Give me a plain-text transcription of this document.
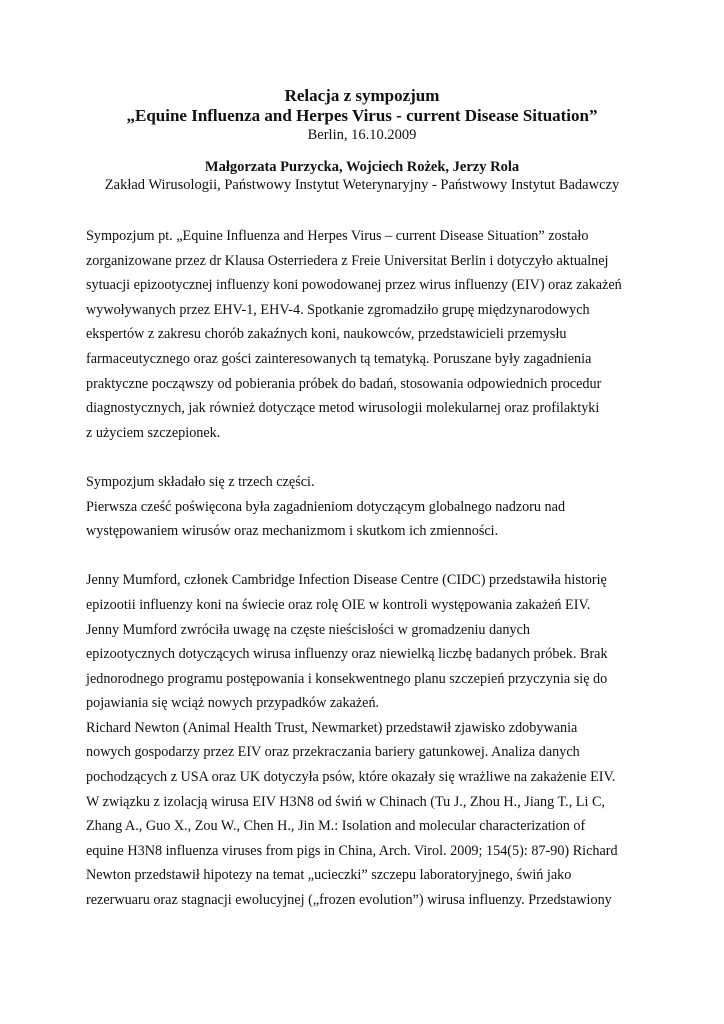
Relacja z sympozjum

„Equine Influenza and Herpes Virus - current Disease Situation”

Berlin, 16.10.2009

Małgorzata Purzycka, Wojciech Rożek, Jerzy Rola

Zakład Wirusologii, Państwowy Instytut Weterynaryjny - Państwowy Instytut Badawczy

Sympozjum pt. „Equine Influenza and Herpes Virus – current Disease Situation” zostało
zorganizowane przez dr Klausa Osterriedera z Freie Universitat Berlin i dotyczyło aktualnej
sytuacji epizootycznej influenzy koni powodowanej przez wirus influenzy (EIV) oraz zakażeń
wywoływanych przez EHV-1, EHV-4. Spotkanie zgromadziło grupę międzynarodowych
ekspertów z zakresu chorób zakaźnych koni, naukowców, przedstawicieli przemysłu
farmaceutycznego oraz gości zainteresowanych tą tematyką. Poruszane były zagadnienia
praktyczne począwszy od pobierania próbek do badań, stosowania odpowiednich procedur
diagnostycznych, jak również dotyczące metod wirusologii molekularnej oraz profilaktyki
z użyciem szczepionek.

Sympozjum składało się z trzech części.
Pierwsza cześć poświęcona była zagadnieniom dotyczącym globalnego nadzoru nad
występowaniem wirusów oraz mechanizmom i skutkom ich zmienności.

Jenny Mumford, członek Cambridge Infection Disease Centre (CIDC) przedstawiła historię
epizootii influenzy koni na świecie oraz rolę OIE w kontroli występowania zakażeń EIV.
Jenny Mumford zwróciła uwagę na częste nieścisłości w gromadzeniu danych
epizootycznych dotyczących wirusa influenzy oraz niewielką liczbę badanych próbek. Brak
jednorodnego programu postępowania i konsekwentnego planu szczepień przyczynia się do
pojawiania się wciąż nowych przypadków zakażeń.
Richard Newton (Animal Health Trust, Newmarket) przedstawił zjawisko zdobywania
nowych gospodarzy przez EIV oraz przekraczania bariery gatunkowej. Analiza danych
pochodzących z USA oraz UK dotyczyła psów, które okazały się wrażliwe na zakażenie EIV.
W związku z izolacją wirusa EIV H3N8 od świń w Chinach (Tu J., Zhou H., Jiang T., Li C,
Zhang A., Guo X., Zou W., Chen H., Jin M.: Isolation and molecular characterization of
equine H3N8 influenza viruses from pigs in China, Arch. Virol. 2009; 154(5): 87-90) Richard
Newton przedstawił hipotezy na temat „ucieczki” szczepu laboratoryjnego, świń jako
rezerwuaru oraz stagnacji ewolucyjnej („frozen evolution”) wirusa influenzy. Przedstawiony
